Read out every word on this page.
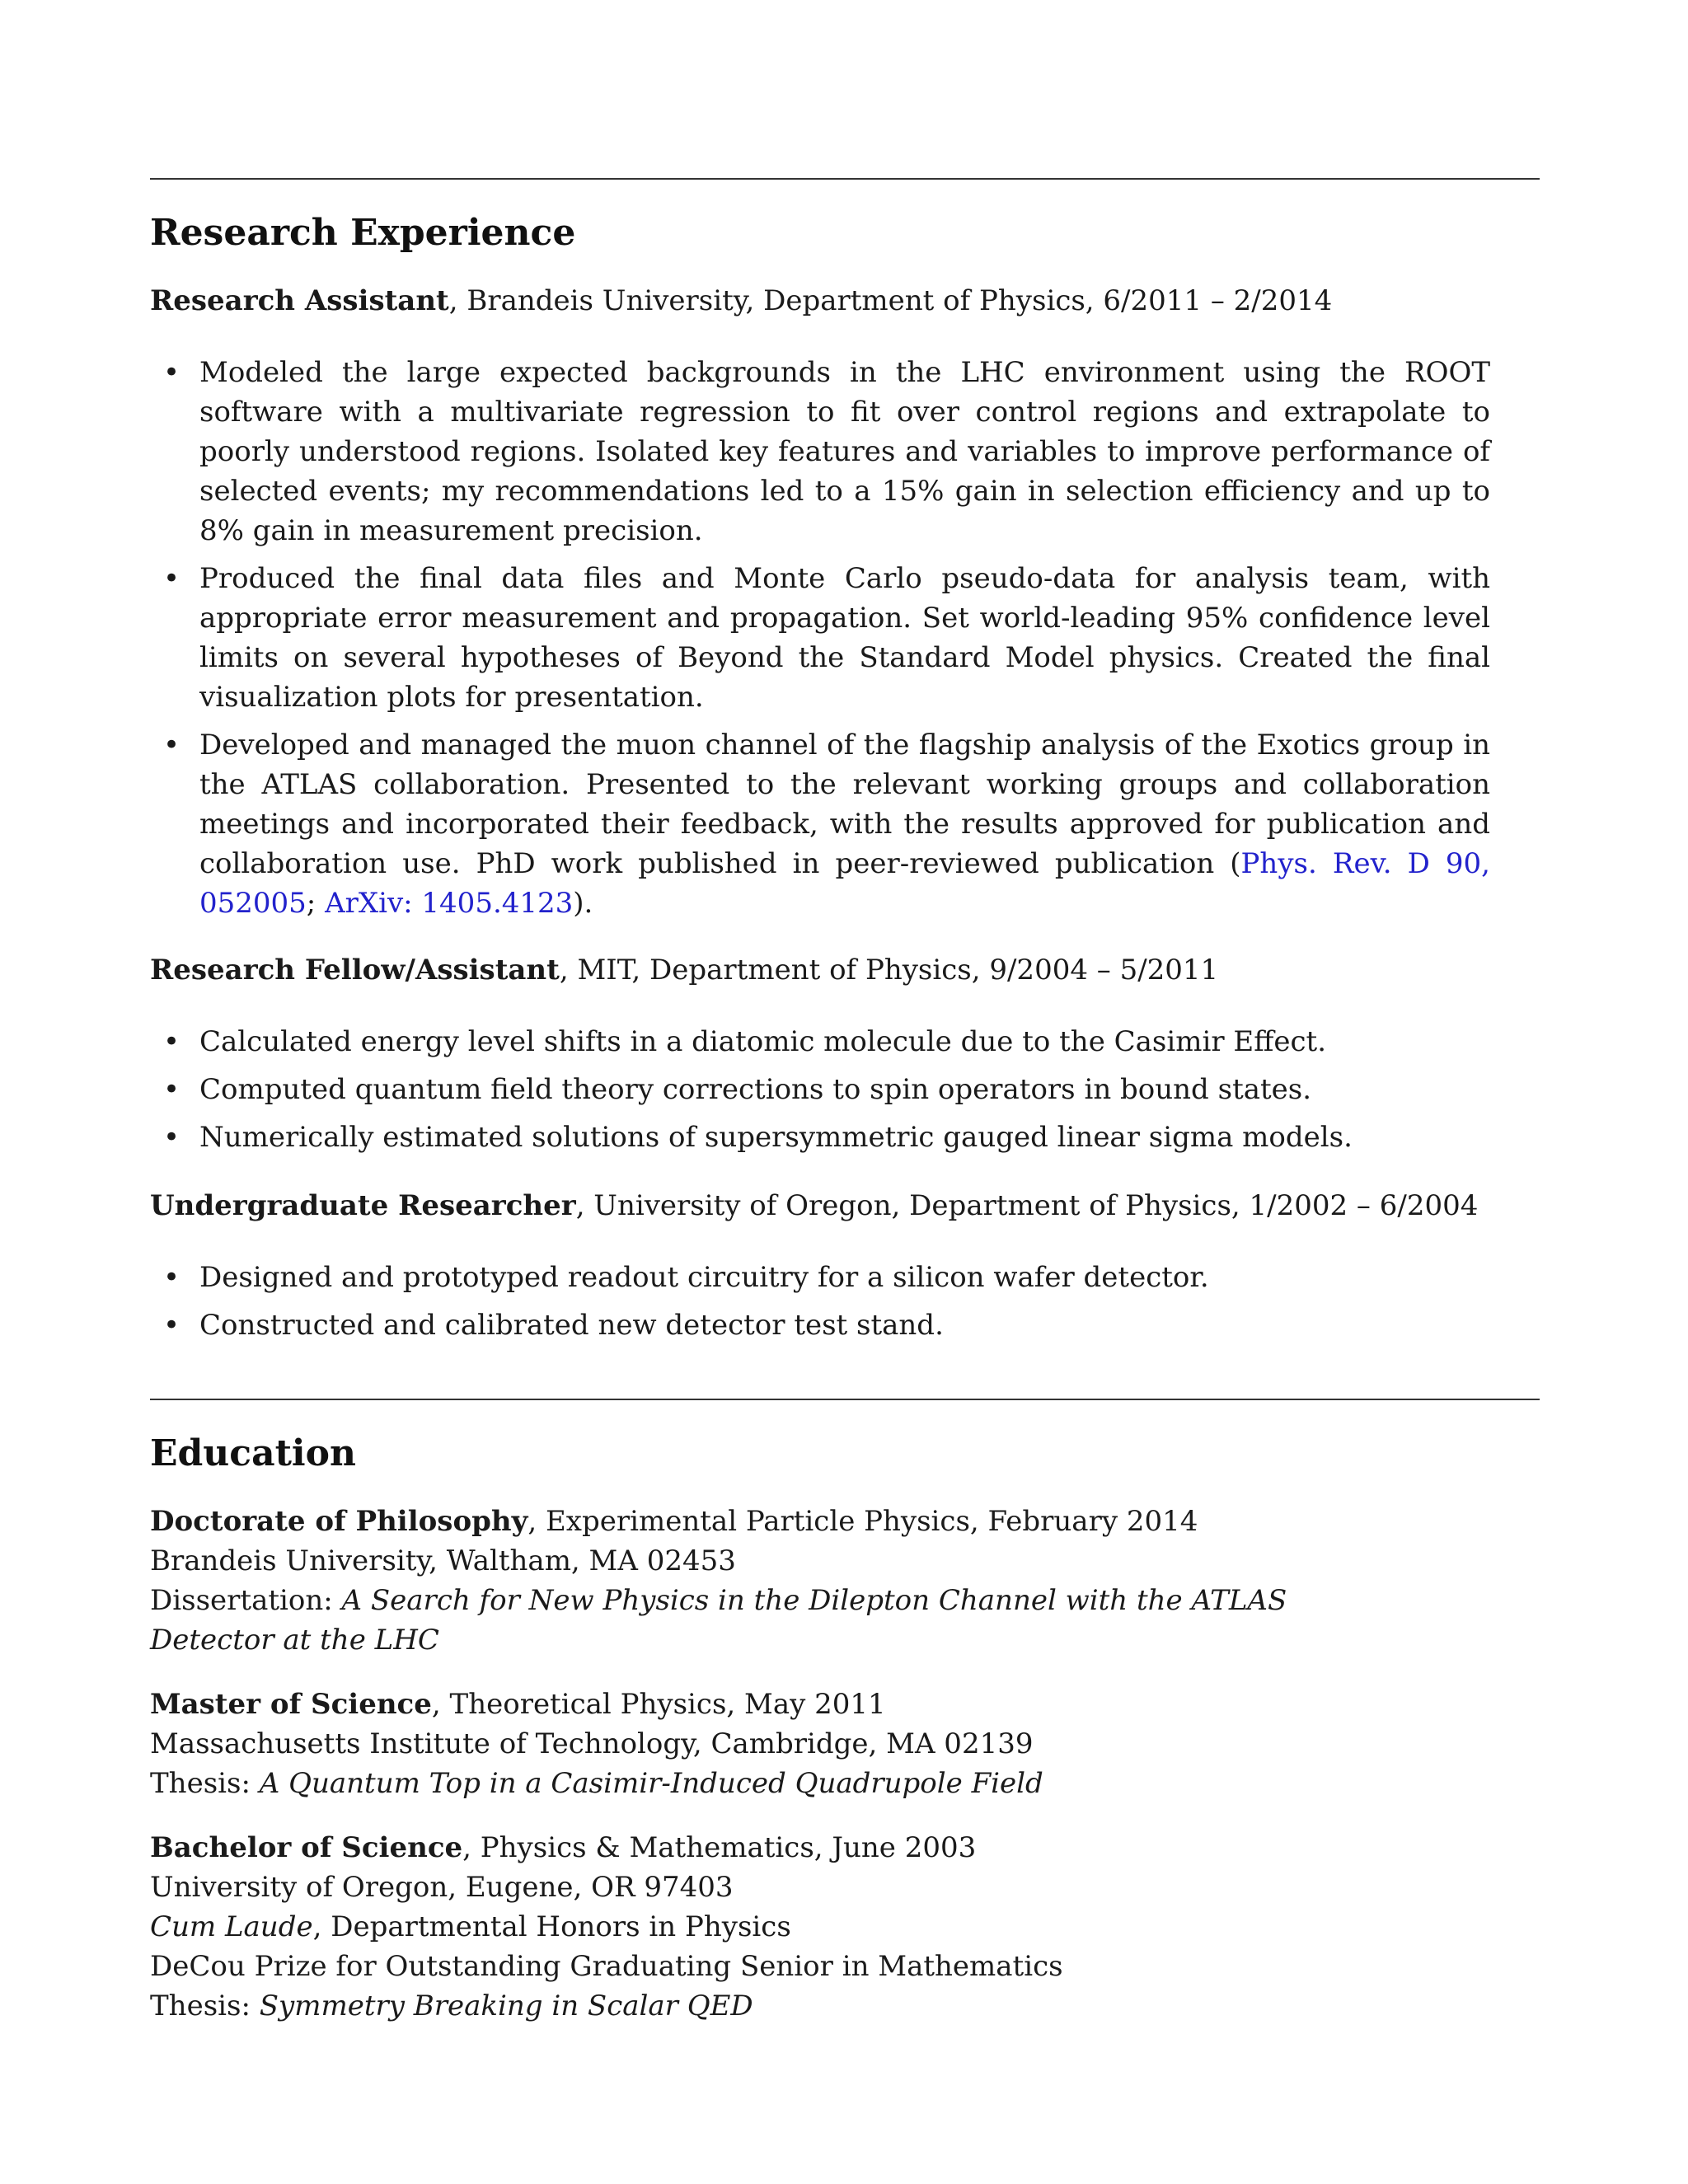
Research Experience

Research Assistant, Brandeis University, Department of Physics, 6/2011 – 2/2014

• Modeled the large expected backgrounds in the LHC environment using the ROOT software with a multivariate regression to fit over control regions and extrapolate to poorly understood regions. Isolated key features and variables to improve performance of selected events; my recommendations led to a 15% gain in selection efficiency and up to 8% gain in measurement precision.
• Produced the final data files and Monte Carlo pseudo-data for analysis team, with appropriate error measurement and propagation. Set world-leading 95% confidence level limits on several hypotheses of Beyond the Standard Model physics. Created the final visualization plots for presentation.
• Developed and managed the muon channel of the flagship analysis of the Exotics group in the ATLAS collaboration. Presented to the relevant working groups and collaboration meetings and incorporated their feedback, with the results approved for publication and collaboration use. PhD work published in peer-reviewed publication (Phys. Rev. D 90, 052005; ArXiv: 1405.4123).

Research Fellow/Assistant, MIT, Department of Physics, 9/2004 – 5/2011

• Calculated energy level shifts in a diatomic molecule due to the Casimir Effect.
• Computed quantum field theory corrections to spin operators in bound states.
• Numerically estimated solutions of supersymmetric gauged linear sigma models.

Undergraduate Researcher, University of Oregon, Department of Physics, 1/2002 – 6/2004

• Designed and prototyped readout circuitry for a silicon wafer detector.
• Constructed and calibrated new detector test stand.
Education
Doctorate of Philosophy, Experimental Particle Physics, February 2014
Brandeis University, Waltham, MA 02453
Dissertation: A Search for New Physics in the Dilepton Channel with the ATLAS
Detector at the LHC
Master of Science, Theoretical Physics, May 2011
Massachusetts Institute of Technology, Cambridge, MA 02139
Thesis: A Quantum Top in a Casimir-Induced Quadrupole Field
Bachelor of Science, Physics & Mathematics, June 2003
University of Oregon, Eugene, OR 97403
Cum Laude, Departmental Honors in Physics
DeCou Prize for Outstanding Graduating Senior in Mathematics
Thesis: Symmetry Breaking in Scalar QED
